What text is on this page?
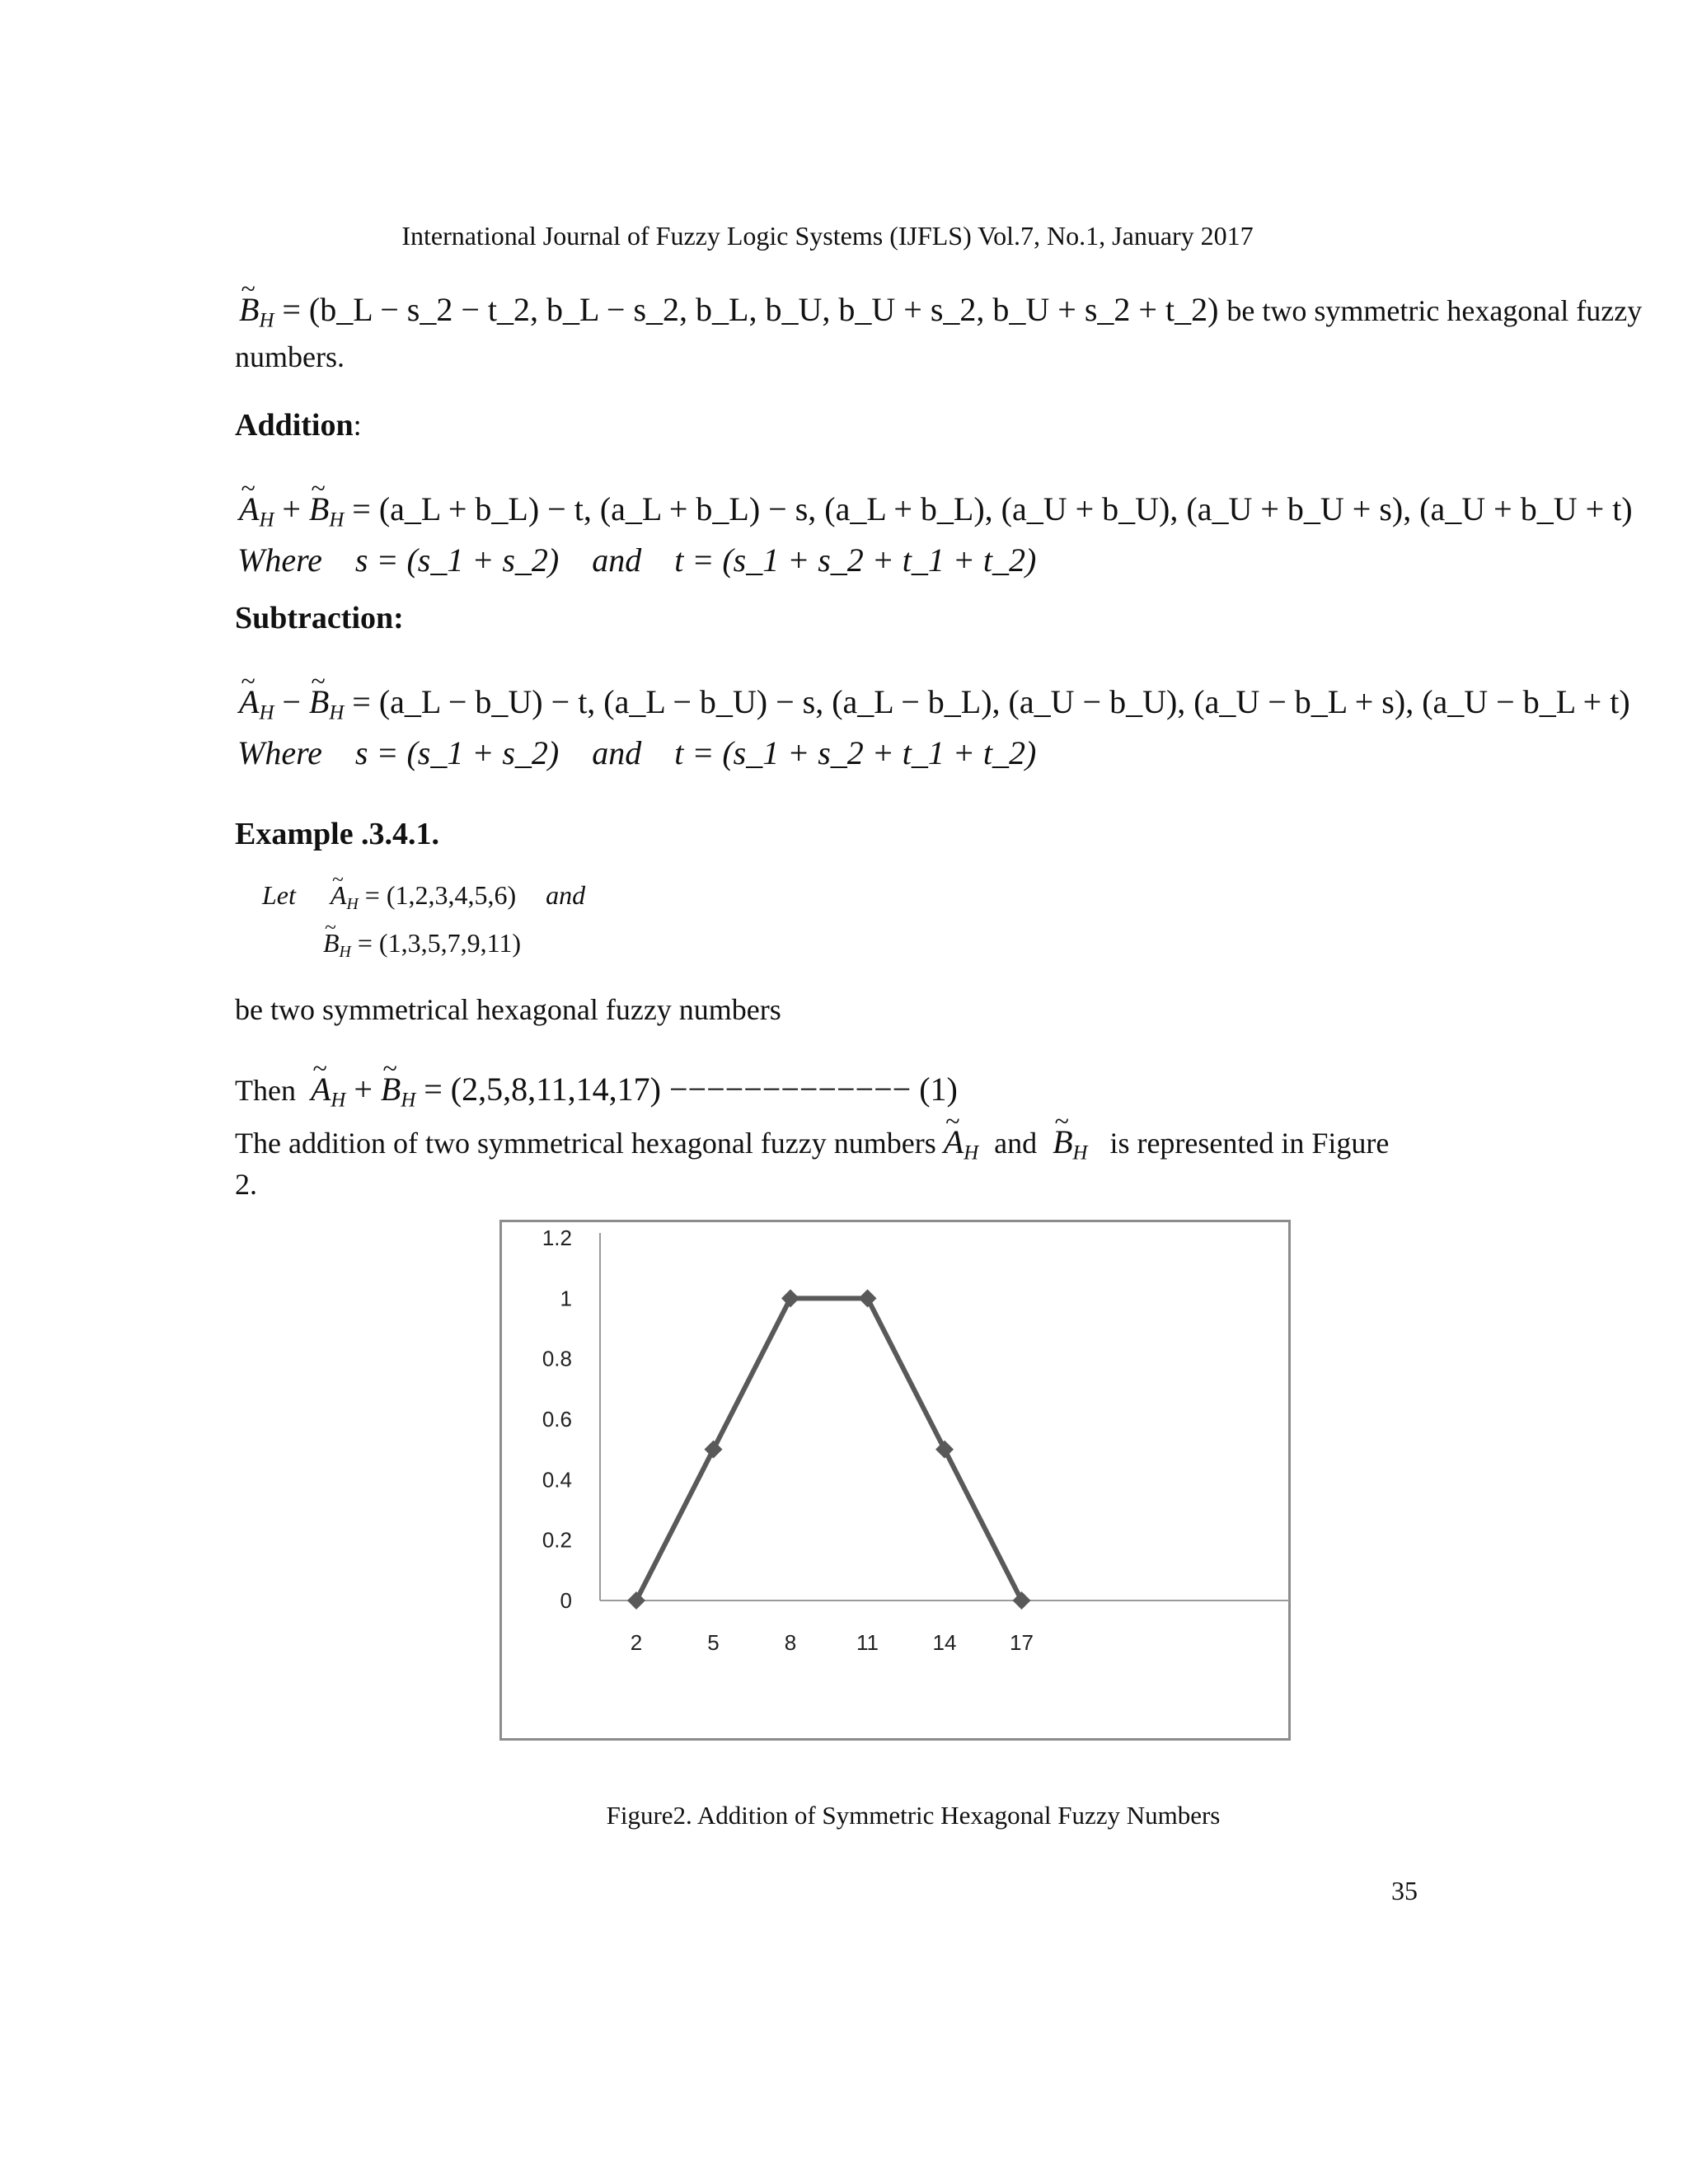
International Journal of Fuzzy Logic Systems (IJFLS) Vol.7, No.1, January 2017
~ $B_H$ = (b_L − s_2 − t_2, b_L − s_2, b_L, b_U, b_U + s_2, b_U + s_2 + t_2) be two symmetric hexagonal fuzzy
numbers.
Addition:
~ $A_H$ + ~ $B_H$ = (a_L + b_L) − t, (a_L + b_L) − s, (a_L + b_L), (a_U + b_U), (a_U + b_U + s), (a_U + b_U + t)
Where s = (s_1 + s_2) and t = (s_1 + s_2 + t_1 + t_2)
Subtraction:
~ $A_H$ − ~ $B_H$ = (a_L − b_U) − t, (a_L − b_U) − s, (a_L − b_L), (a_U − b_U), (a_U − b_L + s), (a_U − b_L + t)
Where s = (s_1 + s_2) and t = (s_1 + s_2 + t_1 + t_2)
Example .3.4.1.
Let ~ $A_H = (1,2,3,4,5,6)$ and
~ $B_H = (1,3,5,7,9,11)$
be two symmetrical hexagonal fuzzy numbers
Then ~ $A_H$ + ~ $B_H = (2,5,8,11,14,17)$ −−−−−−−−−−−−− (1)
The addition of two symmetrical hexagonal fuzzy numbers ~ $A_H$ and ~ $B_H$ is represented in Figure
2.
0
0.2
0.4
0.6
0.8
1
1.2
2	5	8	11	14 17
Figure2. Addition of Symmetric Hexagonal Fuzzy Numbers
35
